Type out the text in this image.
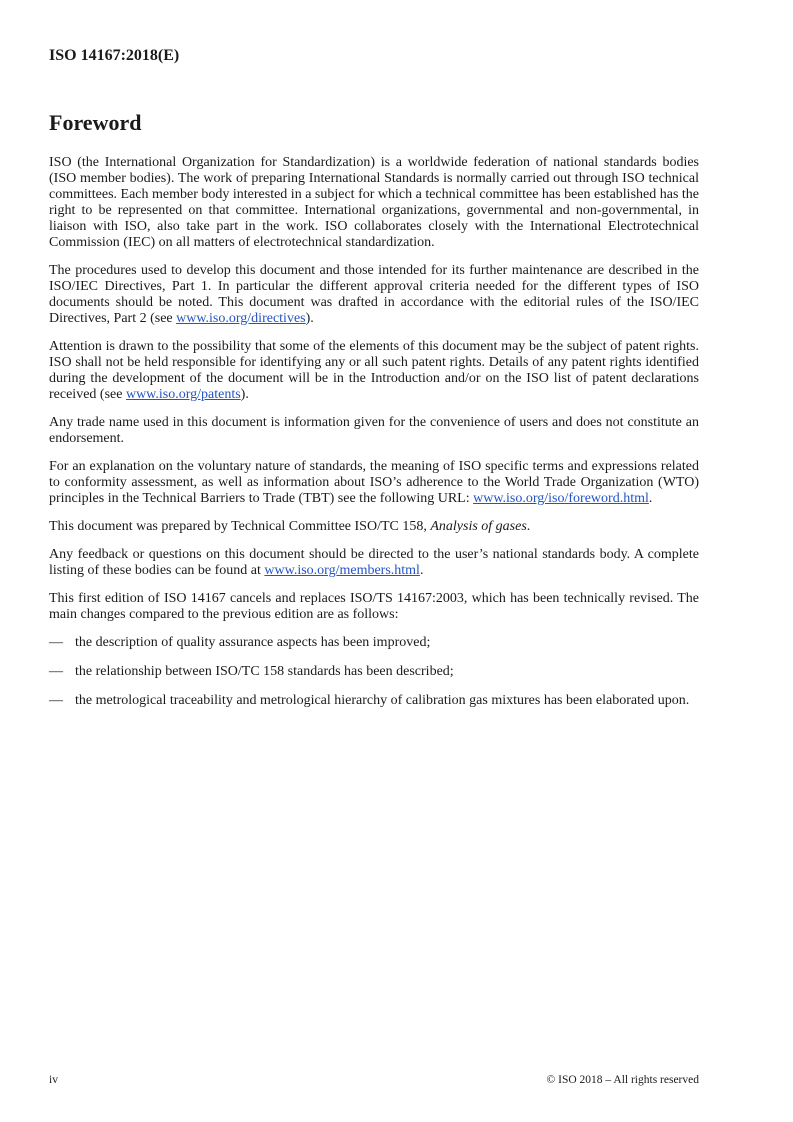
ISO 14167:2018(E)
Foreword

ISO (the International Organization for Standardization) is a worldwide federation of national standards bodies (ISO member bodies). The work of preparing International Standards is normally carried out through ISO technical committees. Each member body interested in a subject for which a technical committee has been established has the right to be represented on that committee. International organizations, governmental and non-governmental, in liaison with ISO, also take part in the work. ISO collaborates closely with the International Electrotechnical Commission (IEC) on all matters of electrotechnical standardization.

The procedures used to develop this document and those intended for its further maintenance are described in the ISO/IEC Directives, Part 1. In particular the different approval criteria needed for the different types of ISO documents should be noted. This document was drafted in accordance with the editorial rules of the ISO/IEC Directives, Part 2 (see www.iso.org/directives).

Attention is drawn to the possibility that some of the elements of this document may be the subject of patent rights. ISO shall not be held responsible for identifying any or all such patent rights. Details of any patent rights identified during the development of the document will be in the Introduction and/or on the ISO list of patent declarations received (see www.iso.org/patents).

Any trade name used in this document is information given for the convenience of users and does not constitute an endorsement.

For an explanation on the voluntary nature of standards, the meaning of ISO specific terms and expressions related to conformity assessment, as well as information about ISO’s adherence to the World Trade Organization (WTO) principles in the Technical Barriers to Trade (TBT) see the following URL: www.iso.org/iso/foreword.html.

This document was prepared by Technical Committee ISO/TC 158, Analysis of gases.

Any feedback or questions on this document should be directed to the user’s national standards body. A complete listing of these bodies can be found at www.iso.org/members.html.

This first edition of ISO 14167 cancels and replaces ISO/TS 14167:2003, which has been technically revised. The main changes compared to the previous edition are as follows:

— the description of quality assurance aspects has been improved;
— the relationship between ISO/TC 158 standards has been described;
— the metrological traceability and metrological hierarchy of calibration gas mixtures has been elaborated upon.
iv	© ISO 2018 – All rights reserved
